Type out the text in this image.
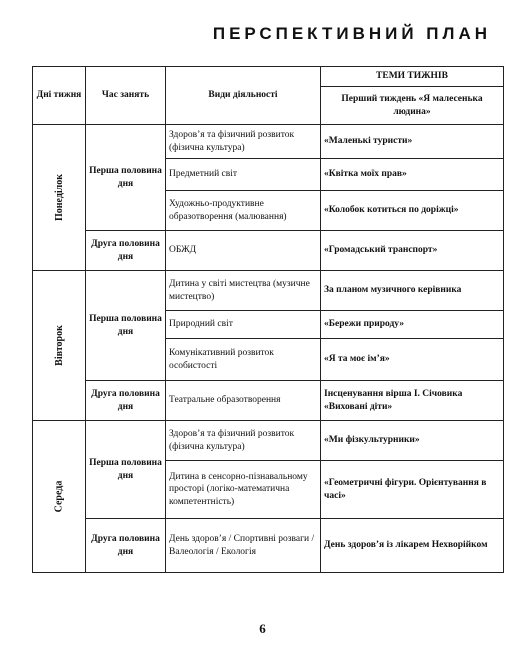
ПЕРСПЕКТИВНИЙ ПЛАН
Дні тижня	Час занять	Види діяльності	ТЕМИ ТИЖНІВ
			Перший тиждень «Я малесенька людина»
Понеділок	Перша половина дня	Здоров’я та фізичний розвиток (фізична культура)	«Маленькі туристи»
		Предметний світ	«Квітка моїх прав»
		Художньо-продуктивне образотворення (малювання)	«Колобок котиться по доріжці»
	Друга половина дня	ОБЖД	«Громадський транспорт»
Вівторок	Перша половина дня	Дитина у світі мистецтва (музичне мистецтво)	За планом музичного керівника
		Природний світ	«Бережи природу»
		Комунікативний розвиток особистості	«Я та моє ім’я»
	Друга половина дня	Театральне образотворення	Інсценування вірша І. Січовика «Виховані діти»
Середа	Перша половина дня	Здоров’я та фізичний розвиток (фізична культура)	«Ми фізкультурники»
		Дитина в сенсорно-пізнавальному просторі (логіко-математична компетентність)	«Геометричні фігури. Орієнтування в часі»
	Друга половина дня	День здоров’я / Спортивні розваги / Валеологія / Екологія	День здоров’я із лікарем Нехворійком
6
